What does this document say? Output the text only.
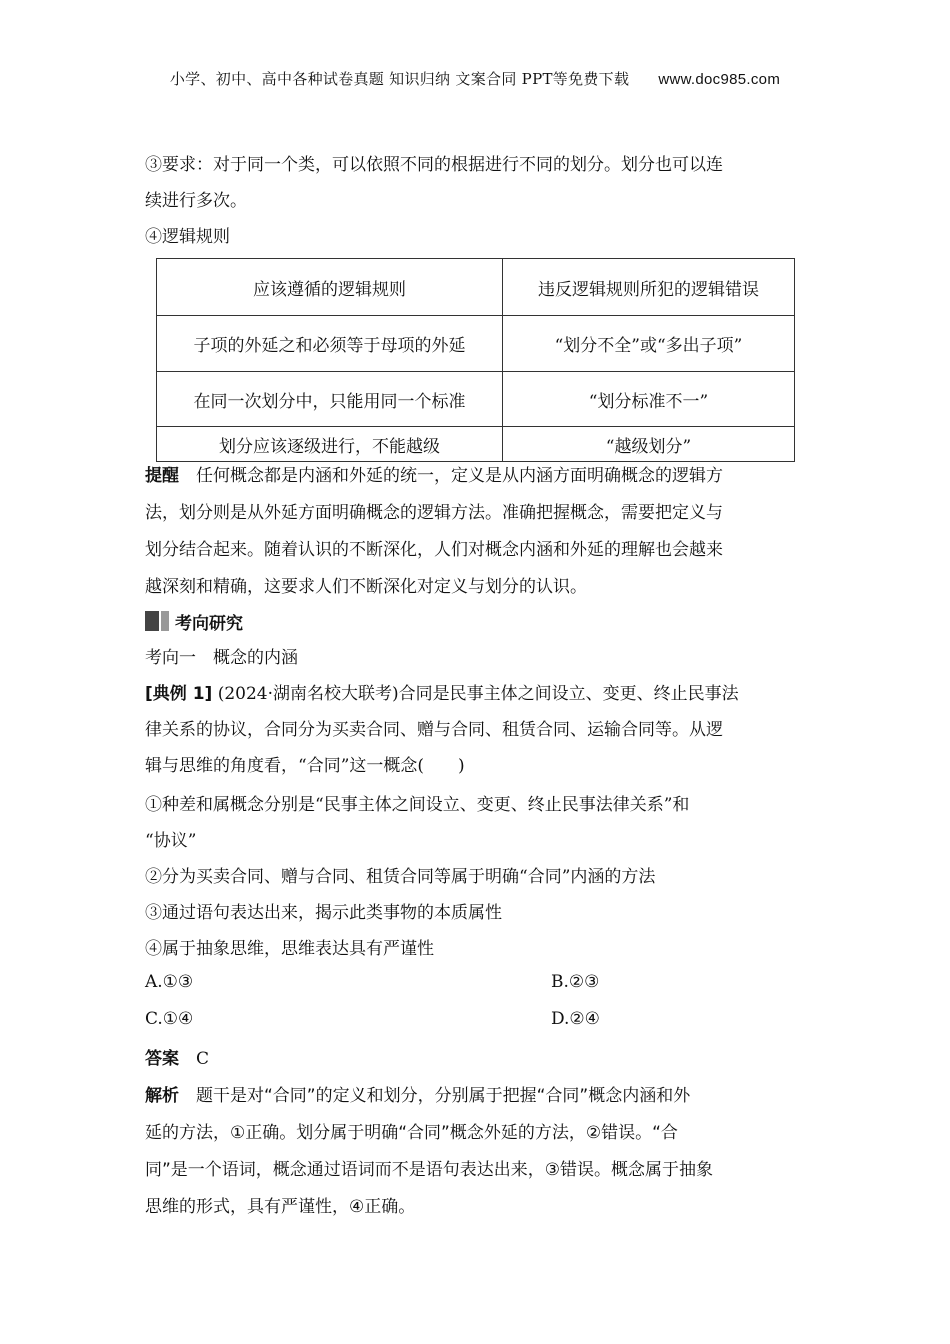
小学、初中、高中各种试卷真题 知识归纳 文案合同 PPT等免费下载 www.doc985.com
③要求：对于同一个类，可以依照不同的根据进行不同的划分。划分也可以连
续进行多次。
④逻辑规则
应该遵循的逻辑规则	违反逻辑规则所犯的逻辑错误
子项的外延之和必须等于母项的外延	“划分不全”或“多出子项”
在同一次划分中，只能用同一个标准	“划分标准不一”
划分应该逐级进行，不能越级	“越级划分”
提醒　 任何概念都是内涵和外延的统一，定义是从内涵方面明确概念的逻辑方
法，划分则是从外延方面明确概念的逻辑方法。准确把握概念，需要把定义与
划分结合起来。随着认识的不断深化，人们对概念内涵和外延的理解也会越来
越深刻和精确，这要求人们不断深化对定义与划分的认识。
考向研究
考向一　概念的内涵
[典例 1] (2024·湖南名校大联考)合同是民事主体之间设立、变更、终止民事法
律关系的协议，合同分为买卖合同、赠与合同、租赁合同、运输合同等。从逻
辑与思维的角度看，“合同”这一概念(　　)
①种差和属概念分别是“民事主体之间设立、变更、终止民事法律关系”和
“协议”
②分为买卖合同、赠与合同、租赁合同等属于明确“合同”内涵的方法
③通过语句表达出来，揭示此类事物的本质属性
④属于抽象思维，思维表达具有严谨性
A.①③	B.②③
C.①④	D.②④
答案　 C
解析　 题干是对“合同”的定义和划分，分别属于把握“合同”概念内涵和外
延的方法，①正确。划分属于明确“合同”概念外延的方法，②错误。“合
同”是一个语词，概念通过语词而不是语句表达出来，③错误。概念属于抽象
思维的形式，具有严谨性，④正确。
